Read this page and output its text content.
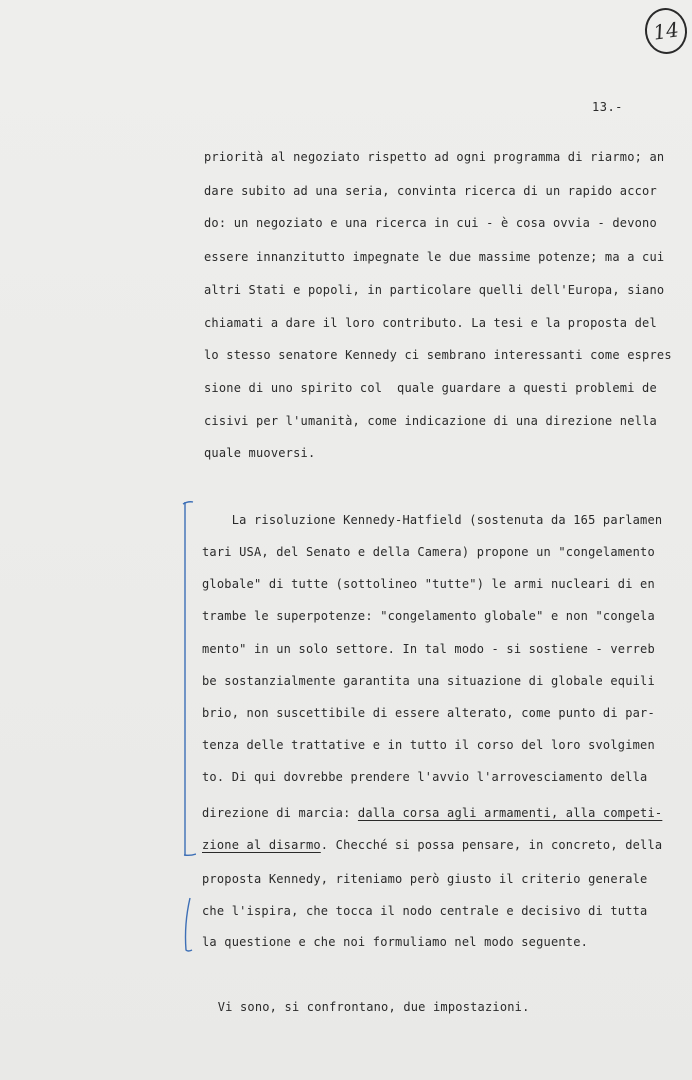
14
13.-
priorità al negoziato rispetto ad ogni programma di riarmo; an
dare subito ad una seria, convinta ricerca di un rapido accor
do: un negoziato e una ricerca in cui - è cosa ovvia - devono
essere innanzitutto impegnate le due massime potenze; ma a cui
altri Stati e popoli, in particolare quelli dell'Europa, siano
chiamati a dare il loro contributo. La tesi e la proposta del
lo stesso senatore Kennedy ci sembrano interessanti come espres
sione di uno spirito col  quale guardare a questi problemi de
cisivi per l'umanità, come indicazione di una direzione nella
quale muoversi.
La risoluzione Kennedy-Hatfield (sostenuta da 165 parlamen
tari USA, del Senato e della Camera) propone un "congelamento
globale" di tutte (sottolineo "tutte") le armi nucleari di en
trambe le superpotenze: "congelamento globale" e non "congela
mento" in un solo settore. In tal modo - si sostiene - verreb
be sostanzialmente garantita una situazione di globale equili
brio, non suscettibile di essere alterato, come punto di par-
tenza delle trattative e in tutto il corso del loro svolgimen
to. Di qui dovrebbe prendere l'avvio l'arrovesciamento della
direzione di marcia: dalla corsa agli armamenti, alla competi-
zione al disarmo. Checché si possa pensare, in concreto, della
proposta Kennedy, riteniamo però giusto il criterio generale
che l'ispira, che tocca il nodo centrale e decisivo di tutta
la questione e che noi formuliamo nel modo seguente.
Vi sono, si confrontano, due impostazioni.
